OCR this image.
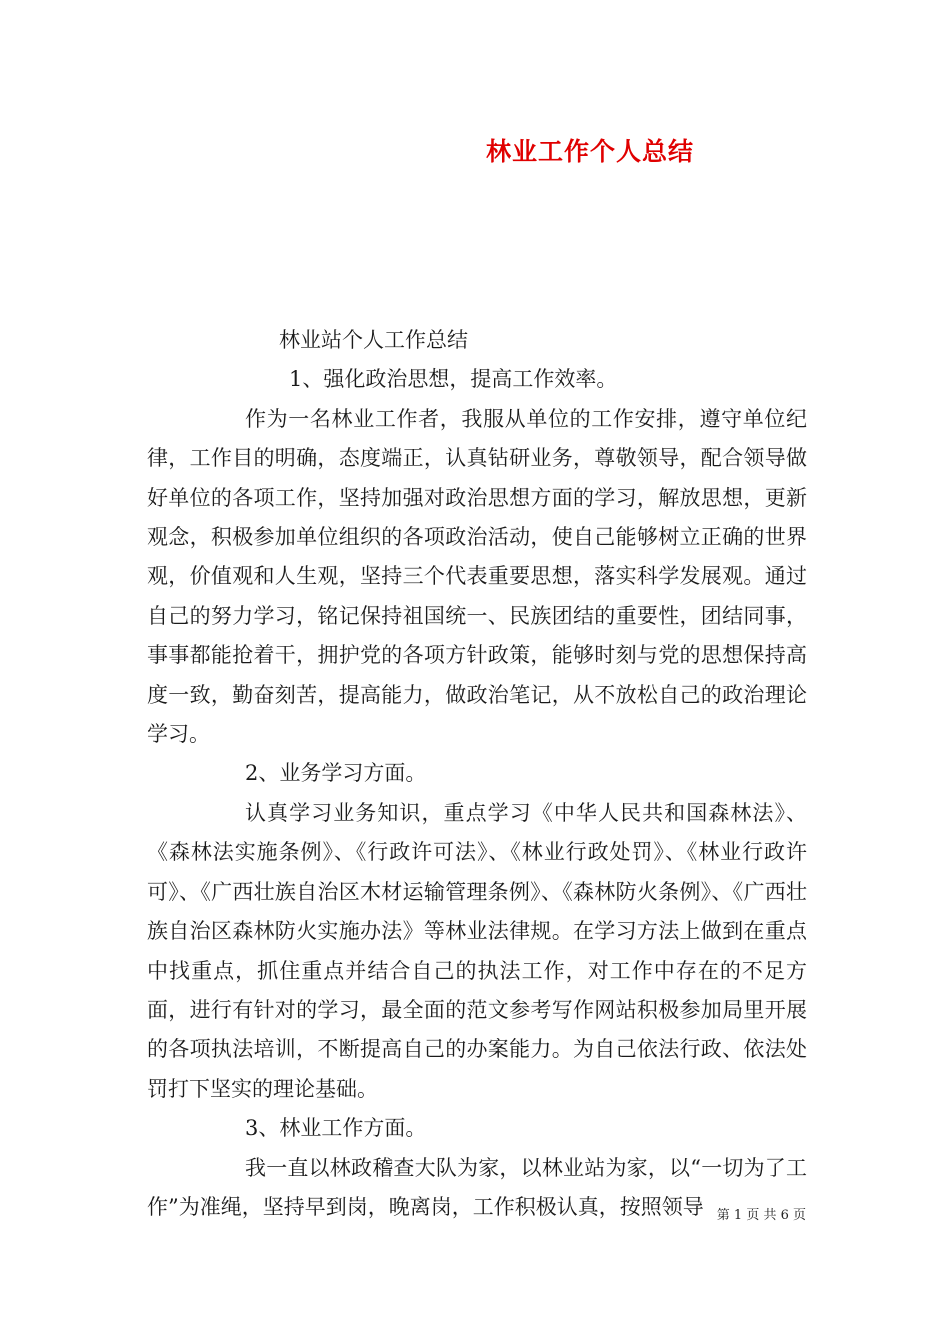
林业工作个人总结

林业站个人工作总结

1、强化政治思想，提高工作效率。

作为一名林业工作者，我服从单位的工作安排，遵守单位纪律，工作目的明确，态度端正，认真钻研业务，尊敬领导，配合领导做好单位的各项工作，坚持加强对政治思想方面的学习，解放思想，更新观念，积极参加单位组织的各项政治活动，使自己能够树立正确的世界观，价值观和人生观，坚持三个代表重要思想，落实科学发展观。通过自己的努力学习，铭记保持祖国统一、民族团结的重要性，团结同事，事事都能抢着干，拥护党的各项方针政策，能够时刻与党的思想保持高度一致，勤奋刻苦，提高能力，做政治笔记，从不放松自己的政治理论学习。

2、业务学习方面。

认真学习业务知识，重点学习《中华人民共和国森林法》、《森林法实施条例》、《行政许可法》、《林业行政处罚》、《林业行政许可》、《广西壮族自治区木材运输管理条例》、《森林防火条例》、《广西壮族自治区森林防火实施办法》等林业法律规。在学习方法上做到在重点中找重点，抓住重点并结合自己的执法工作，对工作中存在的不足方面，进行有针对的学习，最全面的范文参考写作网站积极参加局里开展的各项执法培训，不断提高自己的办案能力。为自己依法行政、依法处罚打下坚实的理论基础。

3、林业工作方面。

我一直以林政稽查大队为家，以林业站为家，以“一切为了工作”为准绳，坚持早到岗，晚离岗，工作积极认真，按照领导	第 1 页 共 6 页
